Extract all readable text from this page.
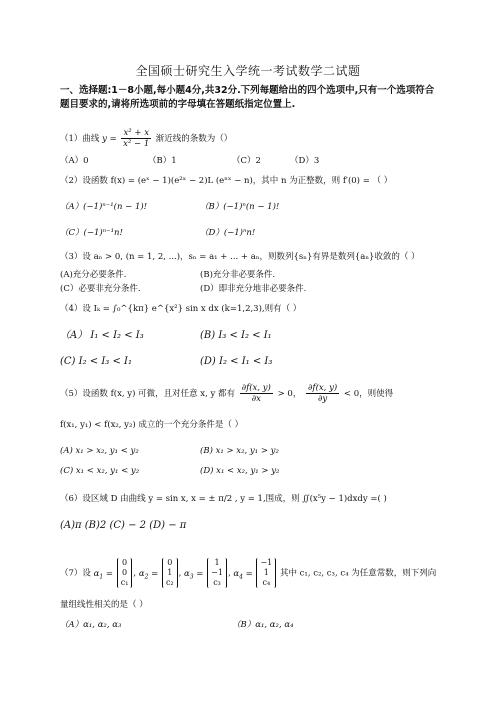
全国硕士研究生入学统一考试数学二试题
一、选择题:1－8小题,每小题4分,共32分.下列每题给出的四个选项中,只有一个选项符合题目要求的,请将所选项前的字母填在答题纸指定位置上.
（1）曲线 $y = \frac{\text{x² + x}}{\text{x² − 1}}$ 渐近线的条数为（）
（A）0	（B）1	（C）2	（D）3
（2）设函数 f(x) = (eˣ − 1)(e²ˣ − 2)L (eⁿˣ − n)，其中 n 为正整数，则 f′(0) = （ ）
（A）(−1)ⁿ⁻¹(n − 1)!	（B）(−1)ⁿ(n − 1)!
（C）(−1)ⁿ⁻¹n!	（D）(−1)ⁿn!
（3）设 aₙ > 0, (n = 1, 2, ...)，sₙ = a₁ + ... + aₙ，则数列{sₙ}有界是数列{aₙ}收敛的（ ）
(A)充分必要条件.	(B)充分非必要条件.
(C）必要非充分条件.	(D）即非充分地非必要条件.
（4）设 Iₖ = ∫₀^{kπ} e^{x²} sin x dx (k=1,2,3),则有（ ）
（A） I₁ < I₂ < I₃	(B) I₃ < I₂ < I₁
(C) I₂ < I₃ < I₁	(D) I₂ < I₁ < I₃
（5）设函数 f(x, y) 可微，且对任意 x, y 都有 $\frac{\partial f(x, y)}{\partial x} > 0$， $\frac{\partial f(x, y)}{\partial y} < 0$，则使得
f(x₁, y₁) < f(x₂, y₂) 成立的一个充分条件是（ ）
(A) x₁ > x₂, y₁ < y₂	(B) x₁ > x₂, y₁ > y₂
(C) x₁ < x₂, y₁ < y₂	(D) x₁ < x₂, y₁ > y₂
（6）设区域 D 由曲线 y = sin x, x = ± π/2 , y = 1,围成，则 ∬(x⁵y − 1)dxdy =( )
(A)π (B)2 (C) − 2 (D) − π
（7）设 $\alpha_1$ =
0
0
c₁
, $\alpha_2$ =
0
1
c₂
, $\alpha_3$ =
1
−1
c₃
, $\alpha_4$ =
−1
1
c₄
其中 c₁, c₂, c₃, c₄ 为任意常数，则下列向
量组线性相关的是（ ）
（A）α₁, α₂, α₃	（B）α₁, α₂, α₄
